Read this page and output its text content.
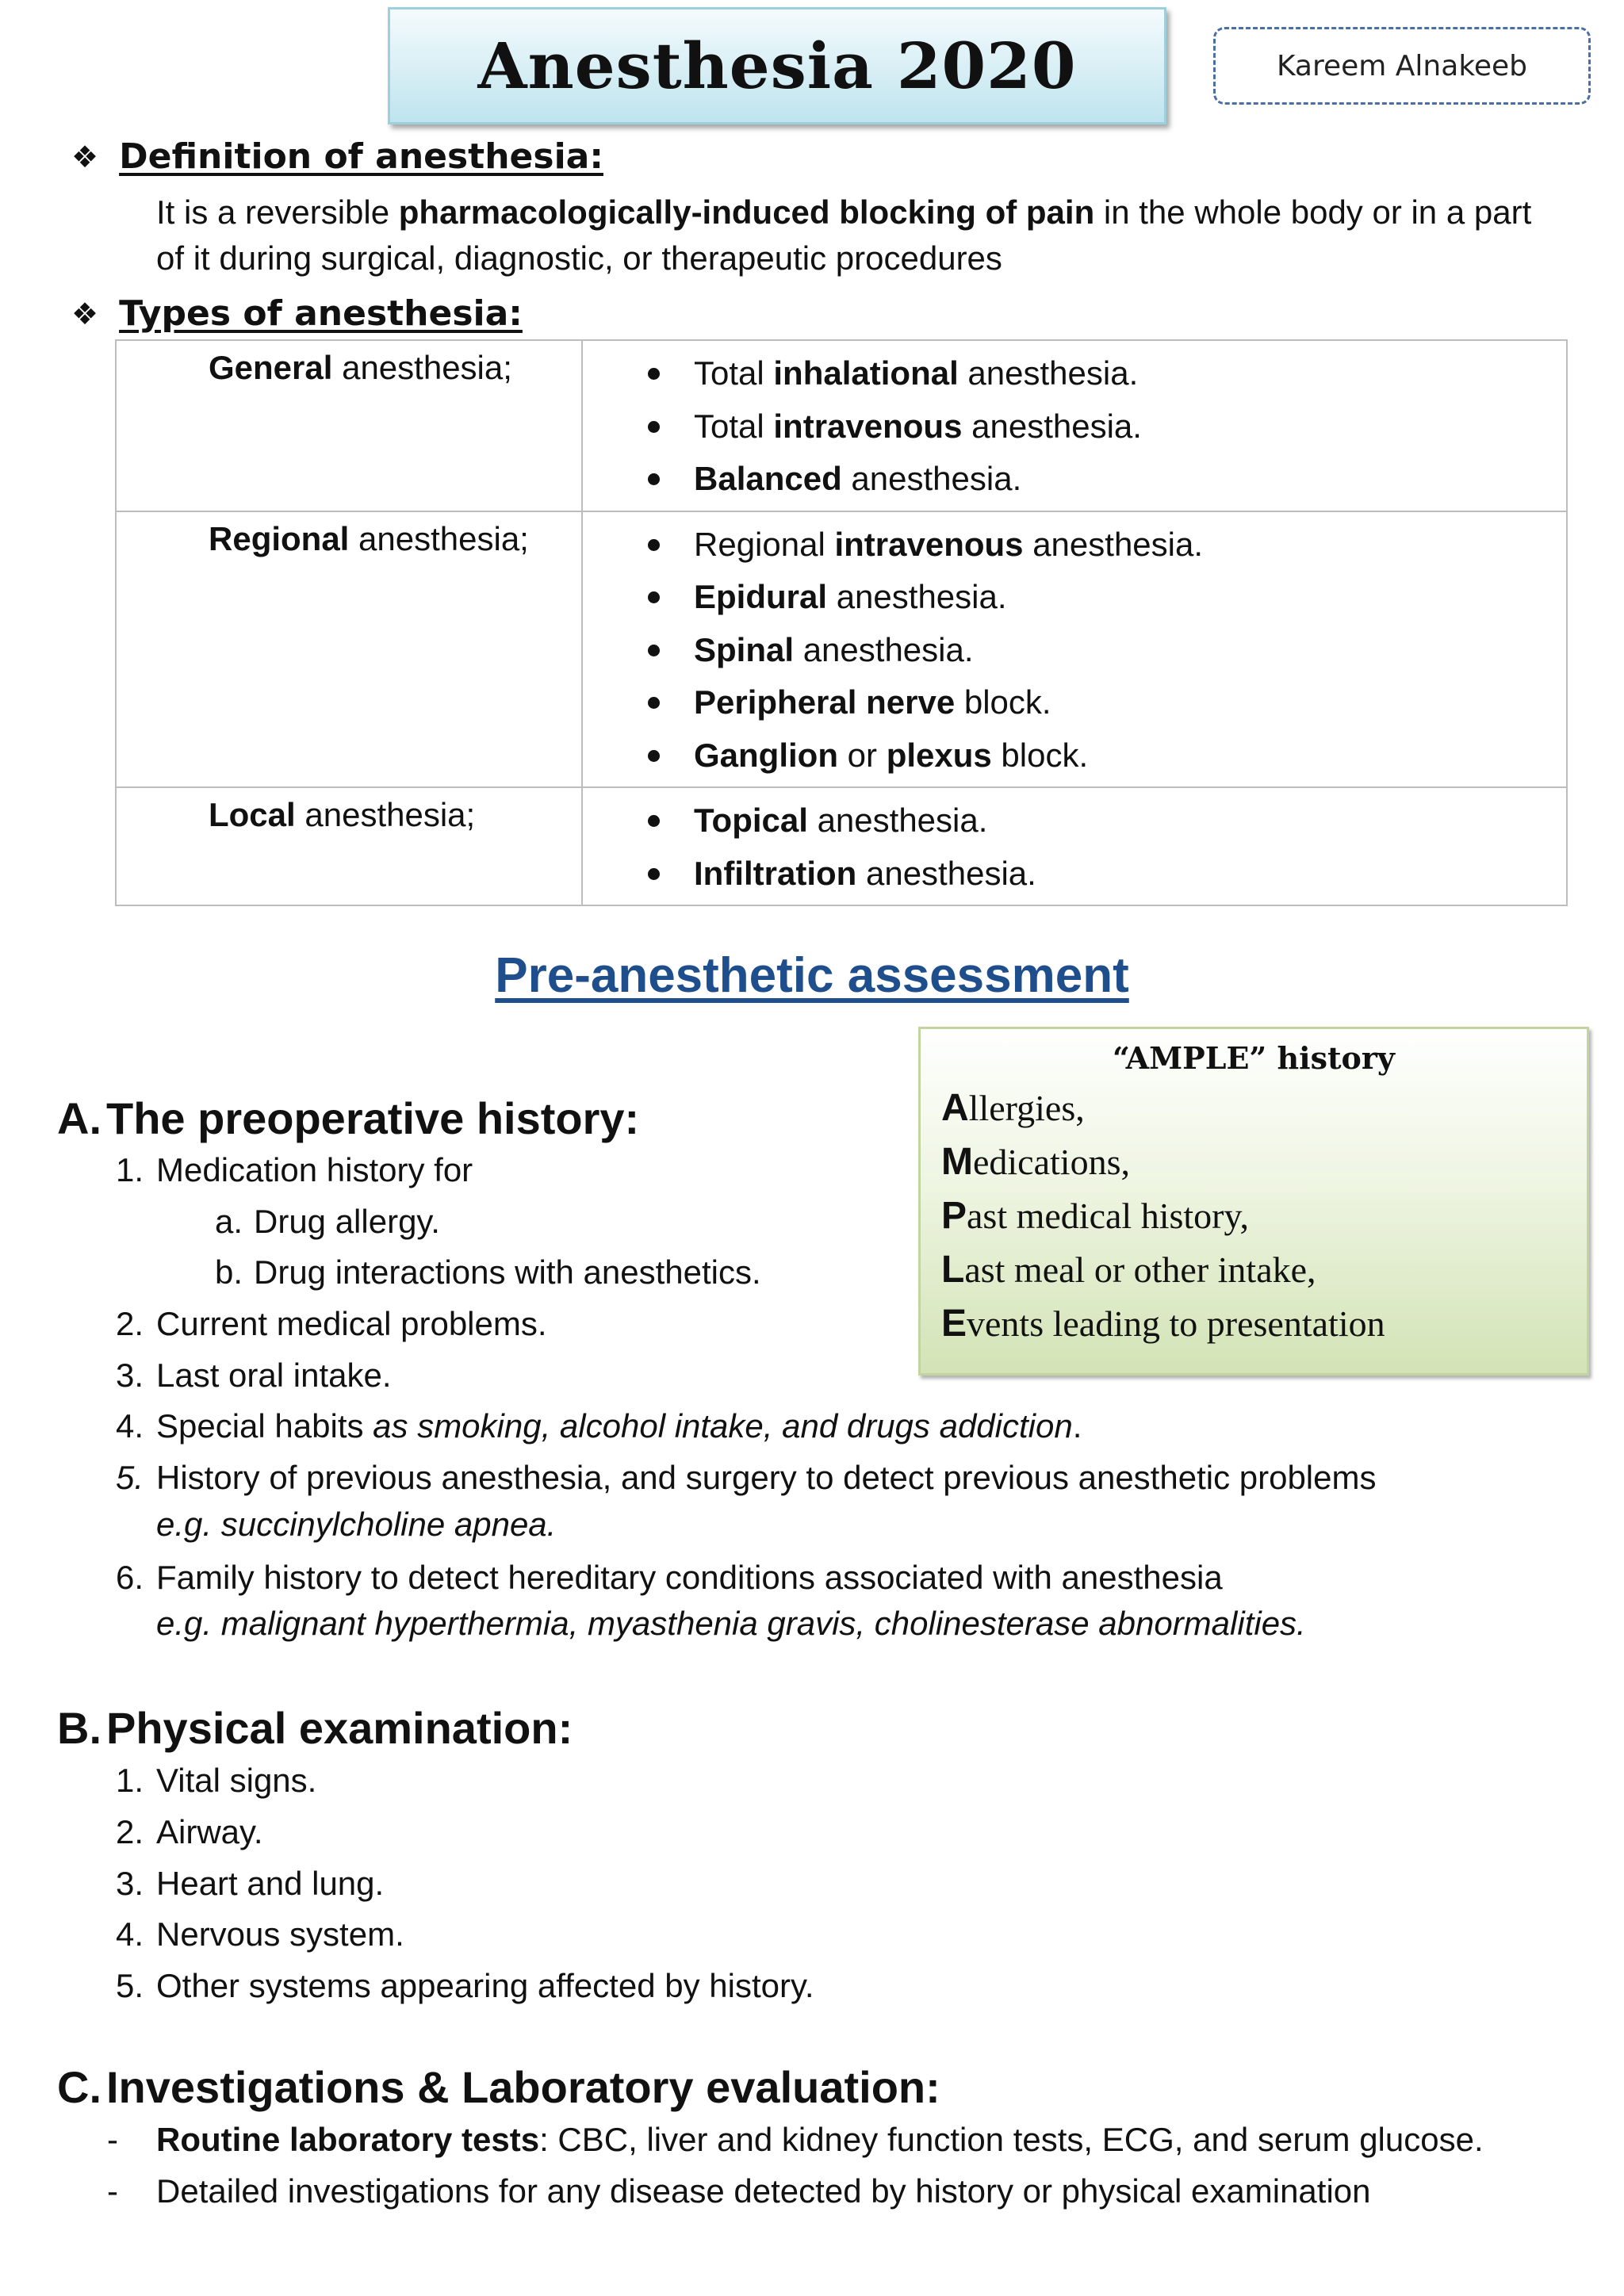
Anesthesia 2020	Kareem Alnakeeb
❖ Definition of anesthesia:
It is a reversible pharmacologically-induced blocking of pain in the whole body or in a part
of it during surgical, diagnostic, or therapeutic procedures
❖ Types of anesthesia:
General anesthesia;	Total inhalational anesthesia.
Total intravenous anesthesia.
Balanced anesthesia.

Regional anesthesia;	Regional intravenous anesthesia.
Epidural anesthesia.
Spinal anesthesia.
Peripheral nerve block.
Ganglion or plexus block.

Local anesthesia;	Topical anesthesia.
Infiltration anesthesia.
Pre-anesthetic assessment
“AMPLE” history
Allergies,
Medications,
Past medical history,
Last meal or other intake,
Events leading to presentation
A. The preoperative history:
1. Medication history for
a. Drug allergy.
b. Drug interactions with anesthetics.
2. Current medical problems.
3. Last oral intake.
4. Special habits as smoking, alcohol intake, and drugs addiction.
5. History of previous anesthesia, and surgery to detect previous anesthetic problems
e.g. succinylcholine apnea.
6. Family history to detect hereditary conditions associated with anesthesia
e.g. malignant hyperthermia, myasthenia gravis, cholinesterase abnormalities.
B. Physical examination:
1. Vital signs.
2. Airway.
3. Heart and lung.
4. Nervous system.
5. Other systems appearing affected by history.
C. Investigations & Laboratory evaluation:
- Routine laboratory tests: CBC, liver and kidney function tests, ECG, and serum glucose.
- Detailed investigations for any disease detected by history or physical examination
